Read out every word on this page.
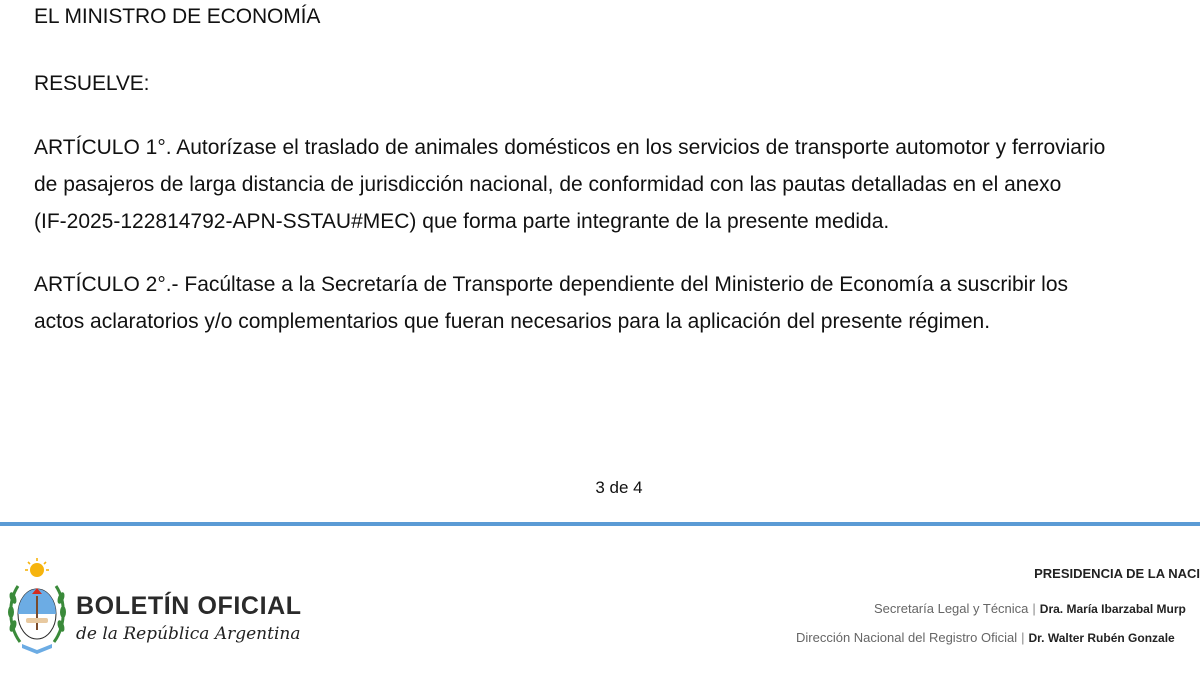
EL MINISTRO DE ECONOMÍA
RESUELVE:
ARTÍCULO 1°. Autorízase el traslado de animales domésticos en los servicios de transporte automotor y ferroviario
de pasajeros de larga distancia de jurisdicción nacional, de conformidad con las pautas detalladas en el anexo
(IF-2025-122814792-APN-SSTAU#MEC) que forma parte integrante de la presente medida.
ARTÍCULO 2°.- Facúltase a la Secretaría de Transporte dependiente del Ministerio de Economía a suscribir los
actos aclaratorios y/o complementarios que fueran necesarios para la aplicación del presente régimen.
3 de 4
BOLETÍN OFICIAL
de la República Argentina
PRESIDENCIA DE LA NACI
Secretaría Legal y Técnica | Dra. María Ibarzabal Murp
Dirección Nacional del Registro Oficial | Dr. Walter Rubén Gonzale
